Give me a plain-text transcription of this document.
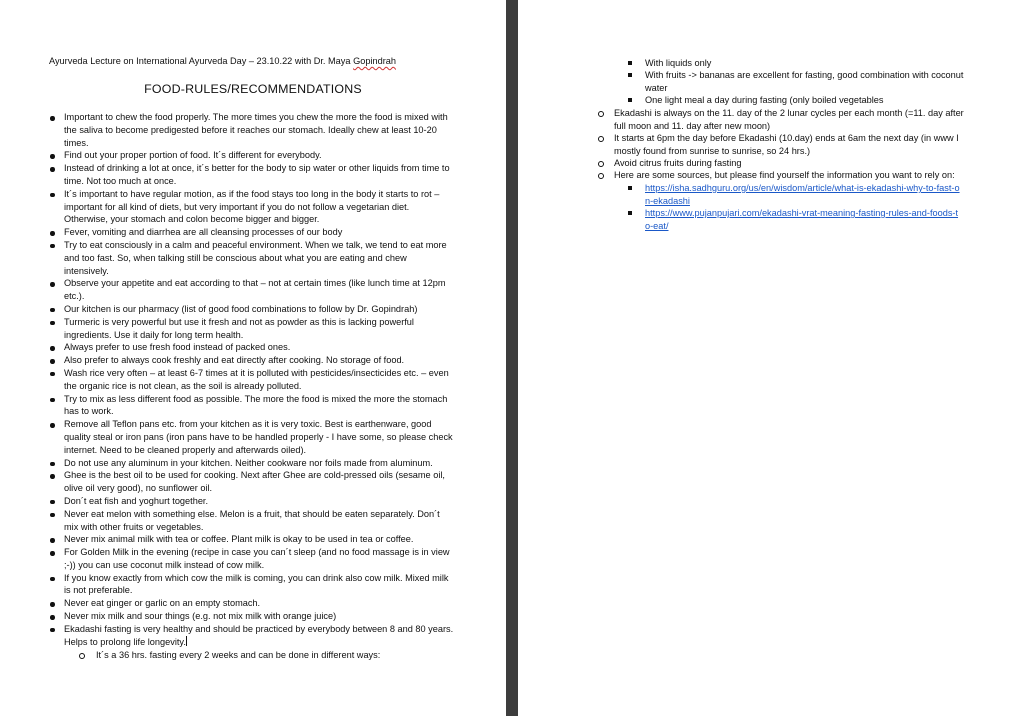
Ayurveda Lecture on International Ayurveda Day – 23.10.22 with Dr. Maya Gopindrah
FOOD-RULES/RECOMMENDATIONS
Important to chew the food properly. The more times you chew the more the food is mixed with the saliva to become predigested before it reaches our stomach. Ideally chew at least 10-20 times.
Find out your proper portion of food. It´s different for everybody.
Instead of drinking a lot at once, it´s better for the body to sip water or other liquids from time to time. Not too much at once.
It´s important to have regular motion, as if the food stays too long in the body it starts to rot – important for all kind of diets, but very important if you do not follow a vegetarian diet. Otherwise, your stomach and colon become bigger and bigger.
Fever, vomiting and diarrhea are all cleansing processes of our body
Try to eat consciously in a calm and peaceful environment. When we talk, we tend to eat more and too fast. So, when talking still be conscious about what you are eating and chew intensively.
Observe your appetite and eat according to that – not at certain times (like lunch time at 12pm etc.).
Our kitchen is our pharmacy (list of good food combinations to follow by Dr. Gopindrah)
Turmeric is very powerful but use it fresh and not as powder as this is lacking powerful ingredients. Use it daily for long term health.
Always prefer to use fresh food instead of packed ones.
Also prefer to always cook freshly and eat directly after cooking. No storage of food.
Wash rice very often – at least 6-7 times at it is polluted with pesticides/insecticides etc. – even the organic rice is not clean, as the soil is already polluted.
Try to mix as less different food as possible. The more the food is mixed the more the stomach has to work.
Remove all Teflon pans etc. from your kitchen as it is very toxic. Best is earthenware, good quality steal or iron pans (iron pans have to be handled properly - I have some, so please check internet. Need to be cleaned properly and afterwards oiled).
Do not use any aluminum in your kitchen. Neither cookware nor foils made from aluminum.
Ghee is the best oil to be used for cooking. Next after Ghee are cold-pressed oils (sesame oil, olive oil very good), no sunflower oil.
Don´t eat fish and yoghurt together.
Never eat melon with something else. Melon is a fruit, that should be eaten separately. Don´t mix with other fruits or vegetables.
Never mix animal milk with tea or coffee. Plant milk is okay to be used in tea or coffee.
For Golden Milk in the evening (recipe in case you can´t sleep (and no food massage is in view ;-)) you can use coconut milk instead of cow milk.
If you know exactly from which cow the milk is coming, you can drink also cow milk. Mixed milk is not preferable.
Never eat ginger or garlic on an empty stomach.
Never mix milk and sour things (e.g. not mix milk with orange juice)
Ekadashi fasting is very healthy and should be practiced by everybody between 8 and 80 years. Helps to prolong life longevity.
It´s a 36 hrs. fasting every 2 weeks and can be done in different ways:
With liquids only
With fruits -> bananas are excellent for fasting, good combination with coconut water
One light meal a day during fasting (only boiled vegetables
Ekadashi is always on the 11. day of the 2 lunar cycles per each month (=11. day after full moon and 11. day after new moon)
It starts at 6pm the day before Ekadashi (10.day) ends at 6am the next day (in www I mostly found from sunrise to sunrise, so 24 hrs.)
Avoid citrus fruits during fasting
Here are some sources, but please find yourself the information you want to rely on:
https://isha.sadhguru.org/us/en/wisdom/article/what-is-ekadashi-why-to-fast-on-ekadashi
https://www.pujanpujari.com/ekadashi-vrat-meaning-fasting-rules-and-foods-to-eat/
